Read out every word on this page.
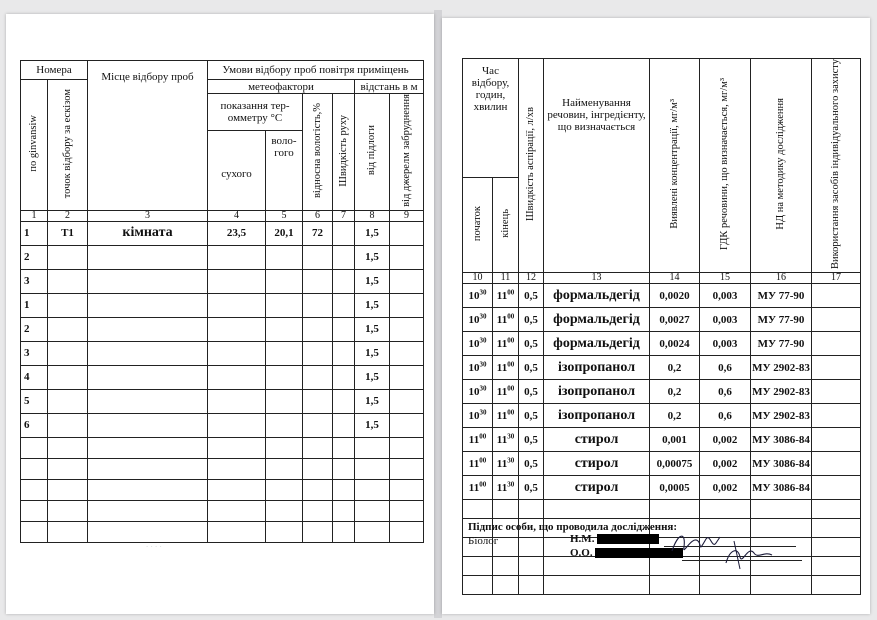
Номера		Місце відбору проб	Умови відбору проб повітря приміщень					

по ginvansiw	точок відбору за ескізом		метеофактори				відстань в м	
			показання тер-омметру °С		відносна вологість,%	Швидкість руху	від підлоги	від джерелм забруднення

			сухого	воло-гого				
1	2	3	4	5	6	7	8	9
1	T1	кімната	23,5	20,1	72		1,5	
2							1,5	
3							1,5	
1							1,5	
2							1,5	
3							1,5	
4							1,5	
5							1,5	
6							1,5	

. . . .
Час відбору, годин, хвилин		Швидкість аспірації, л/хв	Найменування речовин, інгредієнту, що визначається	Виявлені концентрації, мг/м³	ГДК речовини, що визначається, мг/м³	НД на методику дослідження	Використання засобів індивідуального захисту

початок	кінець						

10	11	12	13	14	15	16	17
$10^{30}$	$11^{00}$	0,5	формальдегід	0,0020	0,003	МУ 77-90	
$10^{30}$	$11^{00}$	0,5	формальдегід	0,0027	0,003	МУ 77-90	
$10^{30}$	$11^{00}$	0,5	формальдегід	0,0024	0,003	МУ 77-90	
$10^{30}$	$11^{00}$	0,5	ізопропанол	0,2	0,6	МУ 2902-83	
$10^{30}$	$11^{00}$	0,5	ізопропанол	0,2	0,6	МУ 2902-83	
$10^{30}$	$11^{00}$	0,5	ізопропанол	0,2	0,6	МУ 2902-83	
$11^{00}$	$11^{30}$	0,5	стирол	0,001	0,002	МУ 3086-84	
$11^{00}$	$11^{30}$	0,5	стирол	0,00075	0,002	МУ 3086-84	
$11^{00}$	$11^{30}$	0,5	стирол	0,0005	0,002	МУ 3086-84	

Підпис особи, що проводила дослідження:
Біолог	Н.М.
О.О.
